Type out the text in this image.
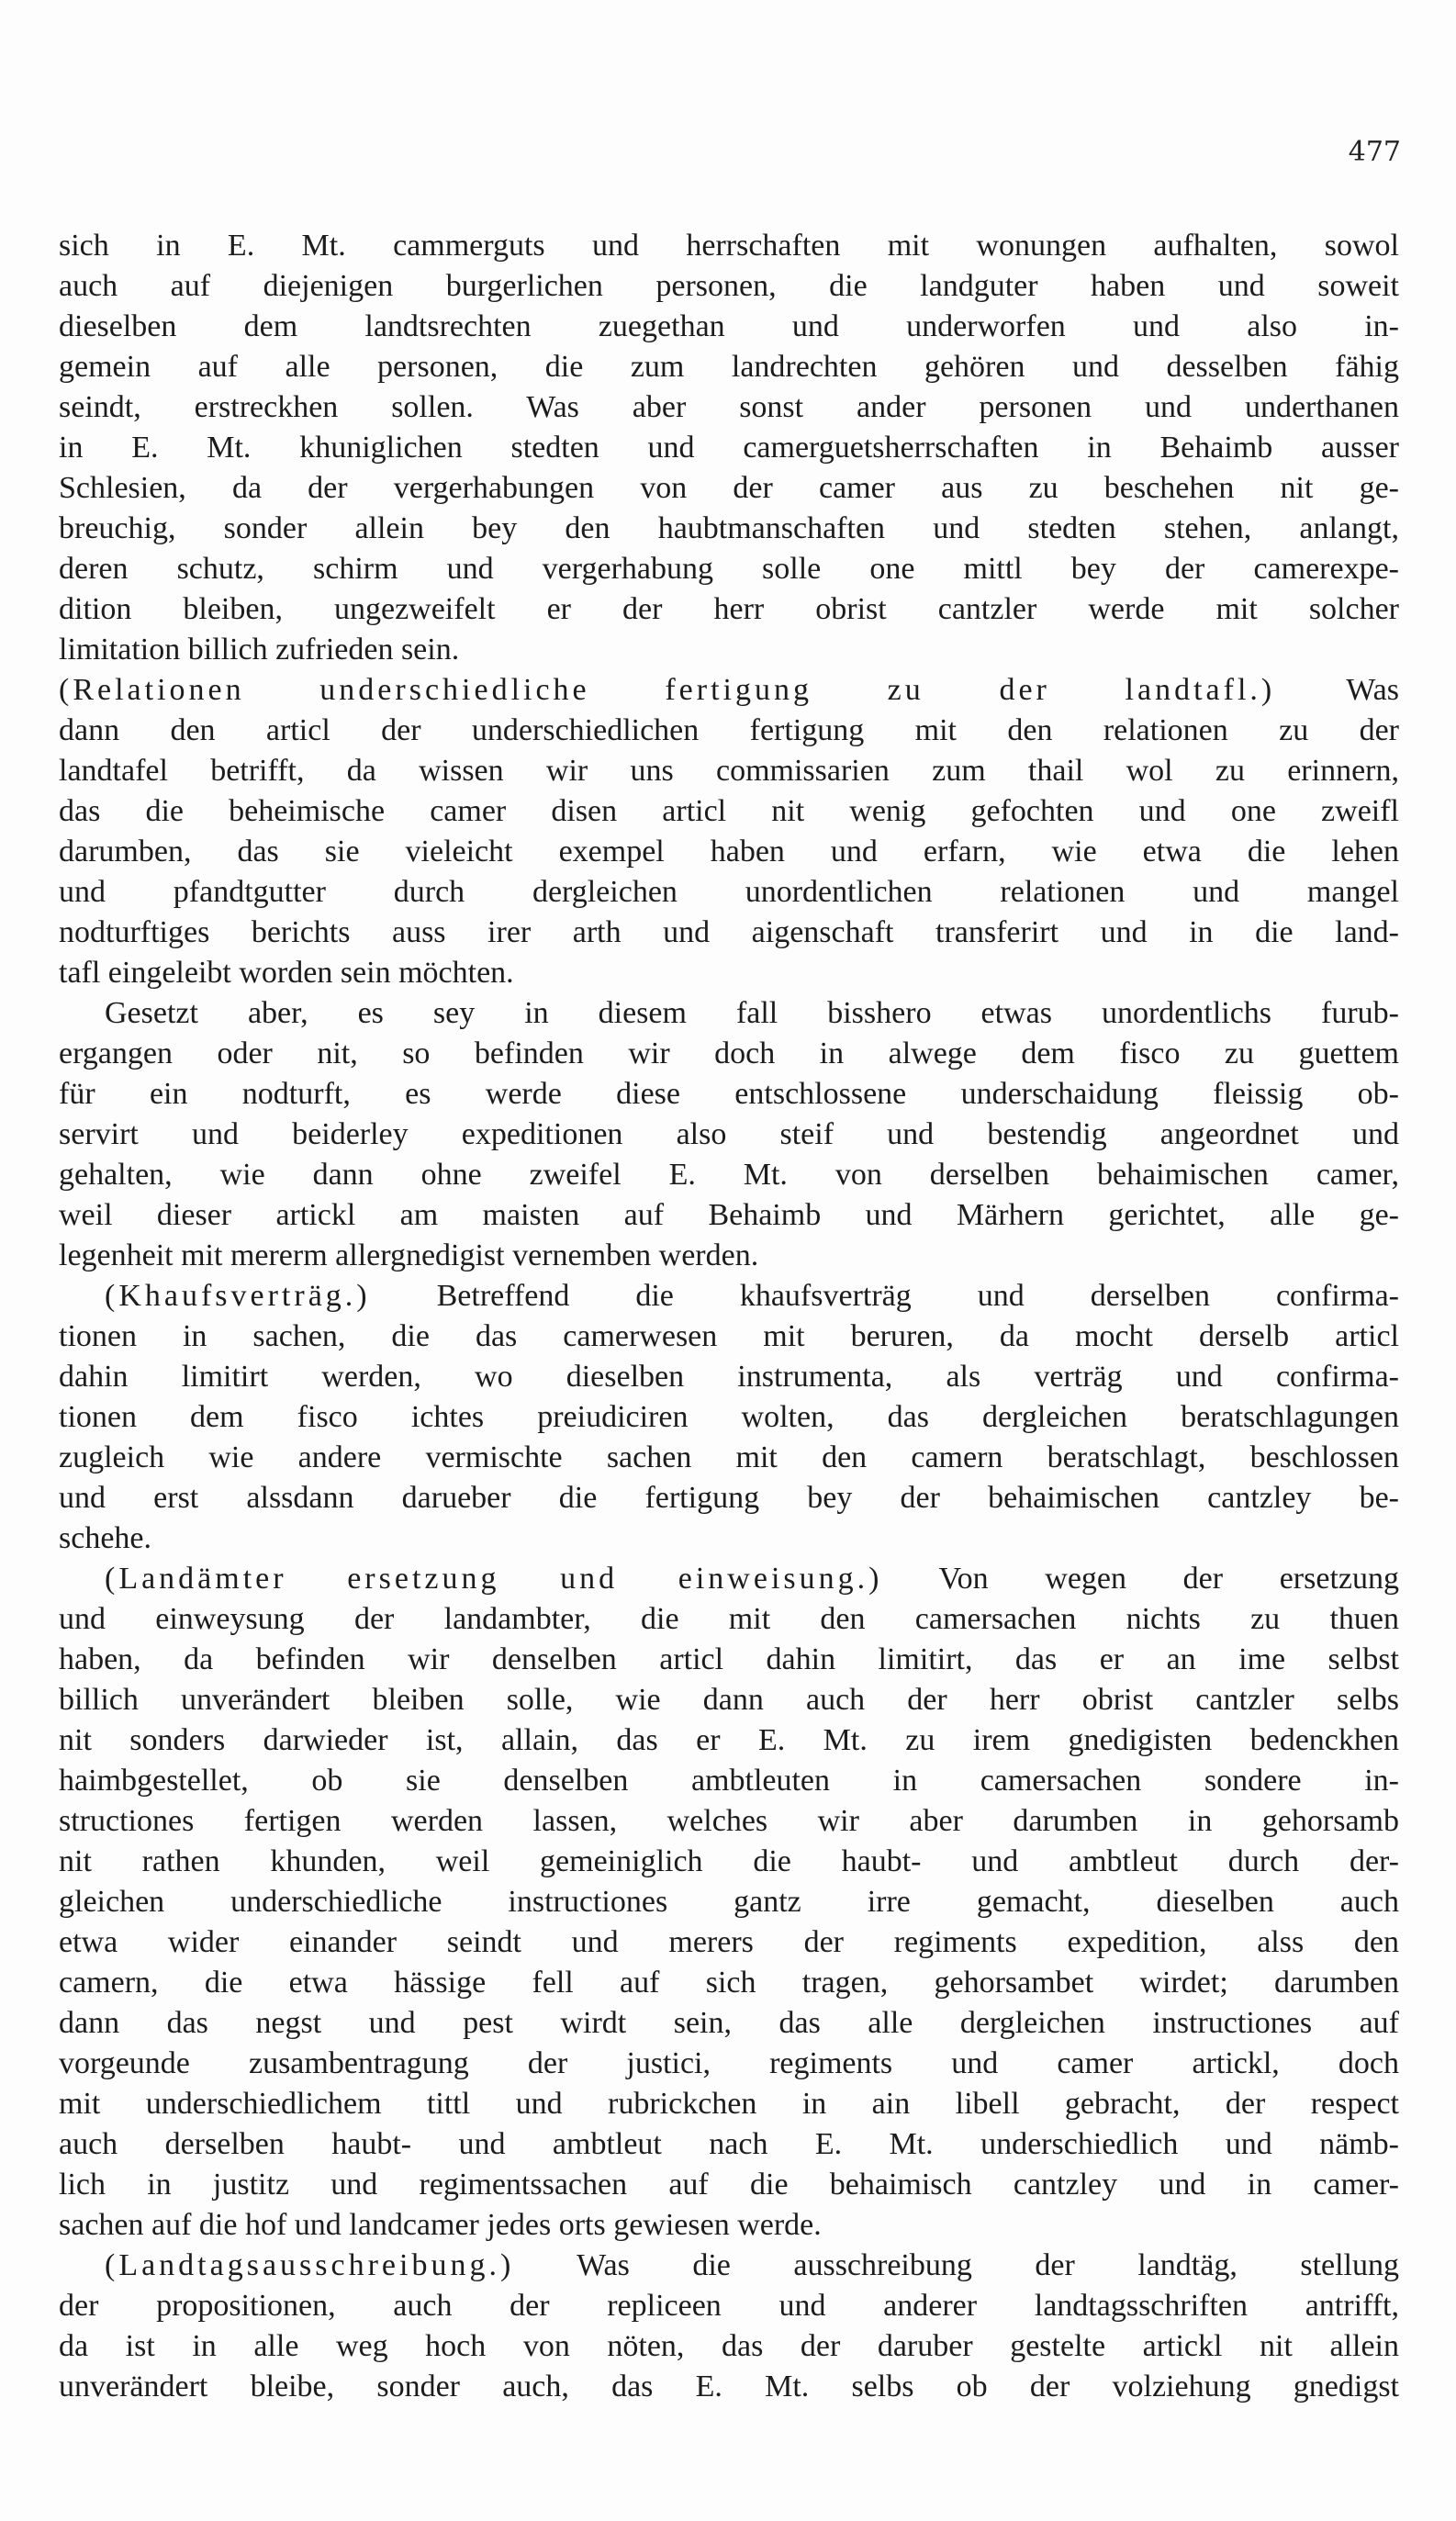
477
sich in E. Mt. cammerguts und herrschaften mit wonungen aufhalten, sowol
auch auf diejenigen burgerlichen personen, die landguter haben und soweit
dieselben dem landtsrechten zuegethan und underworfen und also in-
gemein auf alle personen, die zum landrechten gehören und desselben fähig
seindt, erstreckhen sollen. Was aber sonst ander personen und underthanen
in E. Mt. khuniglichen stedten und camerguetsherrschaften in Behaimb ausser
Schlesien, da der vergerhabungen von der camer aus zu beschehen nit ge-
breuchig, sonder allein bey den haubtmanschaften und stedten stehen, anlangt,
deren schutz, schirm und vergerhabung solle one mittl bey der camerexpe-
dition bleiben, ungezweifelt er der herr obrist cantzler werde mit solcher
limitation billich zufrieden sein.
(Relationen underschiedliche fertigung zu der landtafl.) Was
dann den articl der underschiedlichen fertigung mit den relationen zu der
landtafel betrifft, da wissen wir uns commissarien zum thail wol zu erinnern,
das die beheimische camer disen articl nit wenig gefochten und one zweifl
darumben, das sie vieleicht exempel haben und erfarn, wie etwa die lehen
und pfandtgutter durch dergleichen unordentlichen relationen und mangel
nodturftiges berichts auss irer arth und aigenschaft transferirt und in die land-
tafl eingeleibt worden sein möchten.
Gesetzt aber, es sey in diesem fall bisshero etwas unordentlichs furub-
ergangen oder nit, so befinden wir doch in alwege dem fisco zu guettem
für ein nodturft, es werde diese entschlossene underschaidung fleissig ob-
servirt und beiderley expeditionen also steif und bestendig angeordnet und
gehalten, wie dann ohne zweifel E. Mt. von derselben behaimischen camer,
weil dieser artickl am maisten auf Behaimb und Märhern gerichtet, alle ge-
legenheit mit mererm allergnedigist vernemben werden.
(Khaufsverträg.) Betreffend die khaufsverträg und derselben confirma-
tionen in sachen, die das camerwesen mit beruren, da mocht derselb articl
dahin limitirt werden, wo dieselben instrumenta, als verträg und confirma-
tionen dem fisco ichtes preiudiciren wolten, das dergleichen beratschlagungen
zugleich wie andere vermischte sachen mit den camern beratschlagt, beschlossen
und erst alssdann darueber die fertigung bey der behaimischen cantzley be-
schehe.
(Landämter ersetzung und einweisung.) Von wegen der ersetzung
und einweysung der landambter, die mit den camersachen nichts zu thuen
haben, da befinden wir denselben articl dahin limitirt, das er an ime selbst
billich unverändert bleiben solle, wie dann auch der herr obrist cantzler selbs
nit sonders darwieder ist, allain, das er E. Mt. zu irem gnedigisten bedenckhen
haimbgestellet, ob sie denselben ambtleuten in camersachen sondere in-
structiones fertigen werden lassen, welches wir aber darumben in gehorsamb
nit rathen khunden, weil gemeiniglich die haubt- und ambtleut durch der-
gleichen underschiedliche instructiones gantz irre gemacht, dieselben auch
etwa wider einander seindt und merers der regiments expedition, alss den
camern, die etwa hässige fell auf sich tragen, gehorsambet wirdet; darumben
dann das negst und pest wirdt sein, das alle dergleichen instructiones auf
vorgeunde zusambentragung der justici, regiments und camer artickl, doch
mit underschiedlichem tittl und rubrickchen in ain libell gebracht, der respect
auch derselben haubt- und ambtleut nach E. Mt. underschiedlich und nämb-
lich in justitz und regimentssachen auf die behaimisch cantzley und in camer-
sachen auf die hof und landcamer jedes orts gewiesen werde.
(Landtagsausschreibung.) Was die ausschreibung der landtäg, stellung
der propositionen, auch der repliceen und anderer landtagsschriften antrifft,
da ist in alle weg hoch von nöten, das der daruber gestelte artickl nit allein
unverändert bleibe, sonder auch, das E. Mt. selbs ob der volziehung gnedigst
